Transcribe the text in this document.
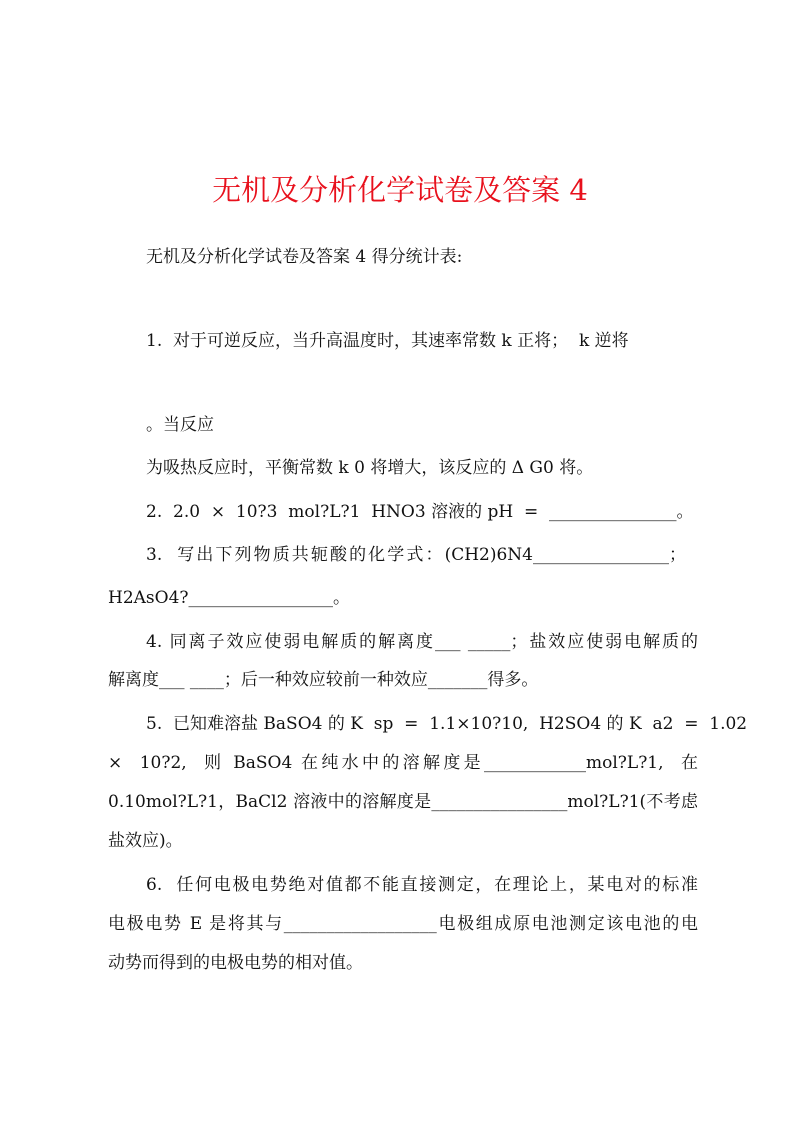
无机及分析化学试卷及答案 4
无机及分析化学试卷及答案 4 得分统计表:
1.  对于可逆反应，当升高温度时，其速率常数 k 正将；  k 逆将
。当反应
为吸热反应时，平衡常数 k 0 将增大，该反应的 Δ G0 将。
2.  2.0  ×  10?3  mol?L?1  HNO3 溶液的 pH  =  _______________。
3.  写出下列物质共轭酸的化学式：(CH2)6N4________________；
H2AsO4?_________________。
4. 同离子效应使弱电解质的解离度___ _____；盐效应使弱电解质的
解离度___ ____；后一种效应较前一种效应_______得多。
5.  已知难溶盐 BaSO4 的 K  sp  =  1.1×10?10,  H2SO4 的 K  a2  =  1.02
×  10?2,  则 BaSO4 在纯水中的溶解度是____________mol?L?1,  在
0.10mol?L?1，BaCl2 溶液中的溶解度是________________mol?L?1(不考虑
盐效应)。
6.  任何电极电势绝对值都不能直接测定，在理论上，某电对的标准
电极电势 E 是将其与__________________电极组成原电池测定该电池的电
动势而得到的电极电势的相对值。
